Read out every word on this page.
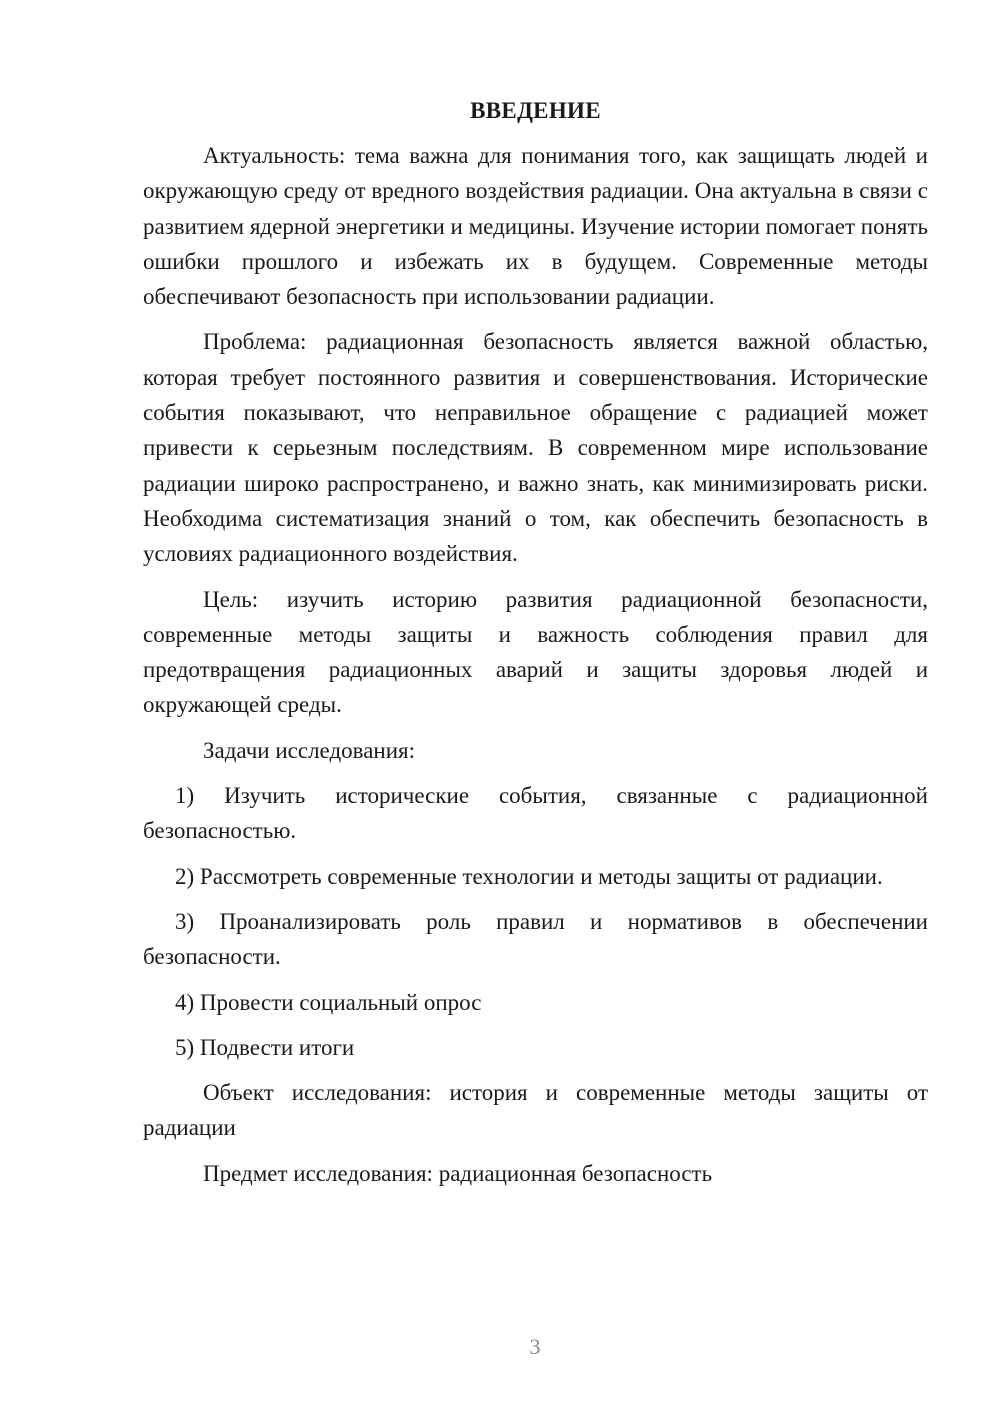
ВВЕДЕНИЕ

Актуальность: тема важна для понимания того, как защищать людей и окружающую среду от вредного воздействия радиации. Она актуальна в связи с развитием ядерной энергетики и медицины. Изучение истории помогает понять ошибки прошлого и избежать их в будущем. Современные методы обеспечивают безопасность при использовании радиации.

Проблема: радиационная безопасность является важной областью, которая требует постоянного развития и совершенствования. Исторические события показывают, что неправильное обращение с радиацией может привести к серьезным последствиям. В современном мире использование радиации широко распространено, и важно знать, как минимизировать риски. Необходима систематизация знаний о том, как обеспечить безопасность в условиях радиационного воздействия.

Цель: изучить историю развития радиационной безопасности, современные методы защиты и важность соблюдения правил для предотвращения радиационных аварий и защиты здоровья людей и окружающей среды.

Задачи исследования:

1) Изучить исторические события, связанные с радиационной безопасностью.

2) Рассмотреть современные технологии и методы защиты от радиации.

3) Проанализировать роль правил и нормативов в обеспечении безопасности.

4) Провести социальный опрос

5) Подвести итоги

Объект исследования: история и современные методы защиты от радиации

Предмет исследования: радиационная безопасность

3
